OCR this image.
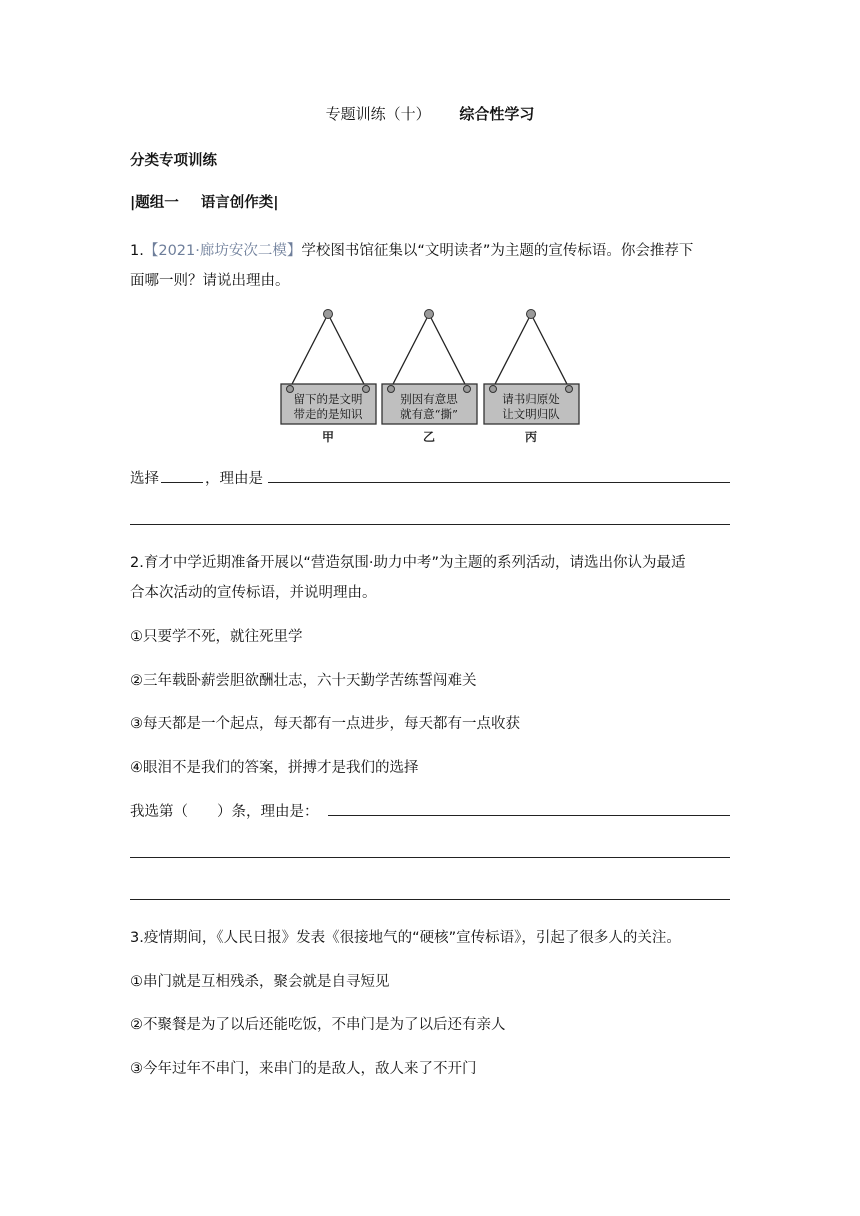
专题训练（十） 综合性学习
分类专项训练
|题组一 语言创作类|
1.【2021·廊坊安次二模】学校图书馆征集以“文明读者”为主题的宣传标语。你会推荐下
面哪一则？请说出理由。
留下的是文明
带走的是知识
甲
别因有意思
就有意“撕”
乙
请书归原处
让文明归队
丙
选择	，理由是
2.育才中学近期准备开展以“营造氛围·助力中考”为主题的系列活动，请选出你认为最适
合本次活动的宣传标语，并说明理由。
①只要学不死，就往死里学
②三年载卧薪尝胆欲酬壮志，六十天勤学苦练誓闯难关
③每天都是一个起点，每天都有一点进步，每天都有一点收获
④眼泪不是我们的答案，拼搏才是我们的选择
我选第（　　）条，理由是：
3.疫情期间，《人民日报》发表《很接地气的“硬核”宣传标语》，引起了很多人的关注。
①串门就是互相残杀，聚会就是自寻短见
②不聚餐是为了以后还能吃饭，不串门是为了以后还有亲人
③今年过年不串门，来串门的是敌人，敌人来了不开门
